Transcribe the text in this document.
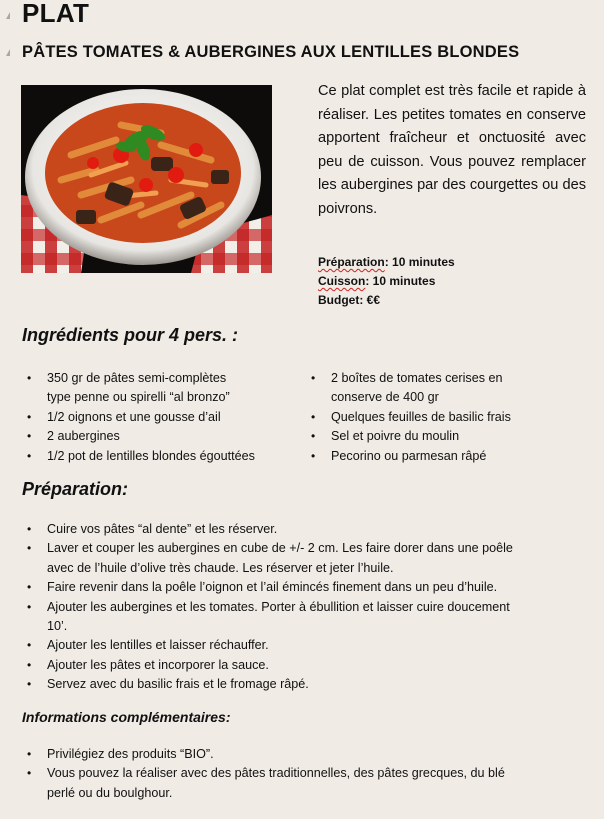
PLAT
PÂTES TOMATES & AUBERGINES AUX LENTILLES BLONDES
Ce plat complet est très facile et rapide à réaliser. Les petites tomates en conserve apportent fraîcheur et onctuosité avec peu de cuisson. Vous pouvez remplacer les aubergines par des courgettes ou des poivrons.
Préparation: 10 minutes
Cuisson: 10 minutes
Budget: €€
Ingrédients pour 4 pers. :
• 350 gr de pâtes semi-complètes
type penne ou spirelli “al bronzo”
• 1/2 oignons et une gousse d’ail
• 2 aubergines
• 1/2 pot de lentilles blondes égouttées
• 2 boîtes de tomates cerises en
conserve de 400 gr
• Quelques feuilles de basilic frais
• Sel et poivre du moulin
• Pecorino ou parmesan râpé
Préparation:
• Cuire vos pâtes “al dente” et les réserver.
• Laver et couper les aubergines en cube de +/- 2 cm. Les faire dorer dans une poêle
avec de l’huile d’olive très chaude. Les réserver et jeter l’huile.
• Faire revenir dans la poêle l’oignon et l’ail émincés finement dans un peu d’huile.
• Ajouter les aubergines et les tomates. Porter à ébullition et laisser cuire doucement
10’.
• Ajouter les lentilles et laisser réchauffer.
• Ajouter les pâtes et incorporer la sauce.
• Servez avec du basilic frais et le fromage râpé.
Informations complémentaires:
• Privilégiez des produits “BIO”.
• Vous pouvez la réaliser avec des pâtes traditionnelles, des pâtes grecques, du blé
perlé ou du boulghour.
